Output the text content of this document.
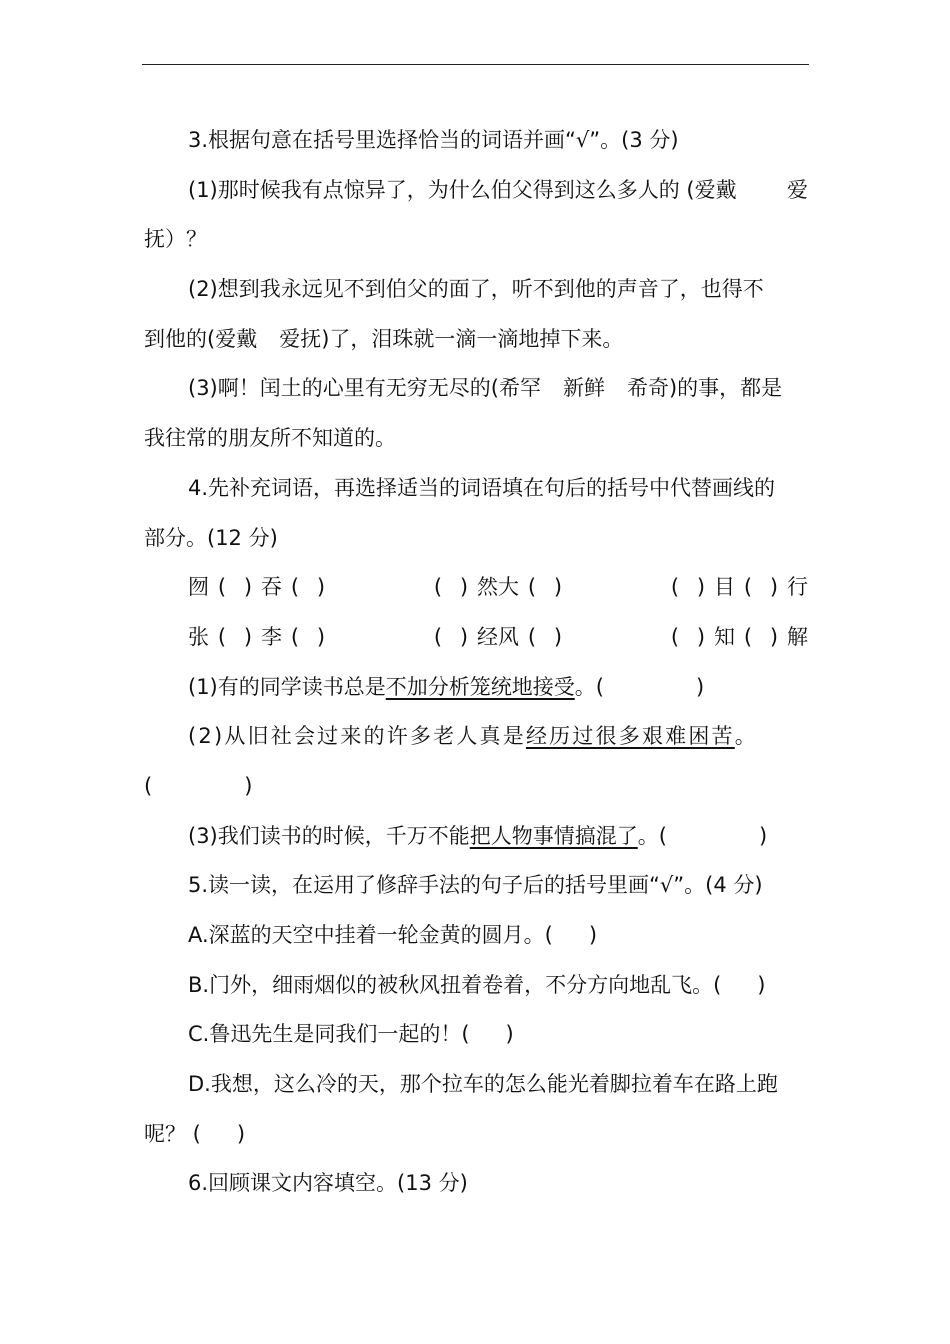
3.根据句意在括号里选择恰当的词语并画“√”。(3 分)
(1)那时候我有点惊异了，为什么伯父得到这么多人的 (爱戴 爱
抚）？
(2)想到我永远见不到伯父的面了，听不到他的声音了，也得不
到他的(爱戴 爱抚)了，泪珠就一滴一滴地掉下来。
(3)啊！闰土的心里有无穷无尽的(希罕 新鲜 希奇)的事，都是
我往常的朋友所不知道的。
4.先补充词语，再选择适当的词语填在句后的括号中代替画线的
部分。(12 分)
囫 ( ) 吞 ( )	( ) 然大 ( )	( ) 目 ( ) 行
张 ( ) 李 ( )	( ) 经风 ( )	( ) 知 ( ) 解
(1)有的同学读书总是不加分析笼统地接受。(	)
(2)从旧社会过来的许多老人真是经历过很多艰难困苦。
(	)
(3)我们读书的时候，千万不能把人物事情搞混了。(	)
5.读一读，在运用了修辞手法的句子后的括号里画“√”。(4 分)
A.深蓝的天空中挂着一轮金黄的圆月。( )
B.门外，细雨烟似的被秋风扭着卷着，不分方向地乱飞。( )
C.鲁迅先生是同我们一起的！( )
D.我想，这么冷的天，那个拉车的怎么能光着脚拉着车在路上跑
呢？ ( )
6.回顾课文内容填空。(13 分)
